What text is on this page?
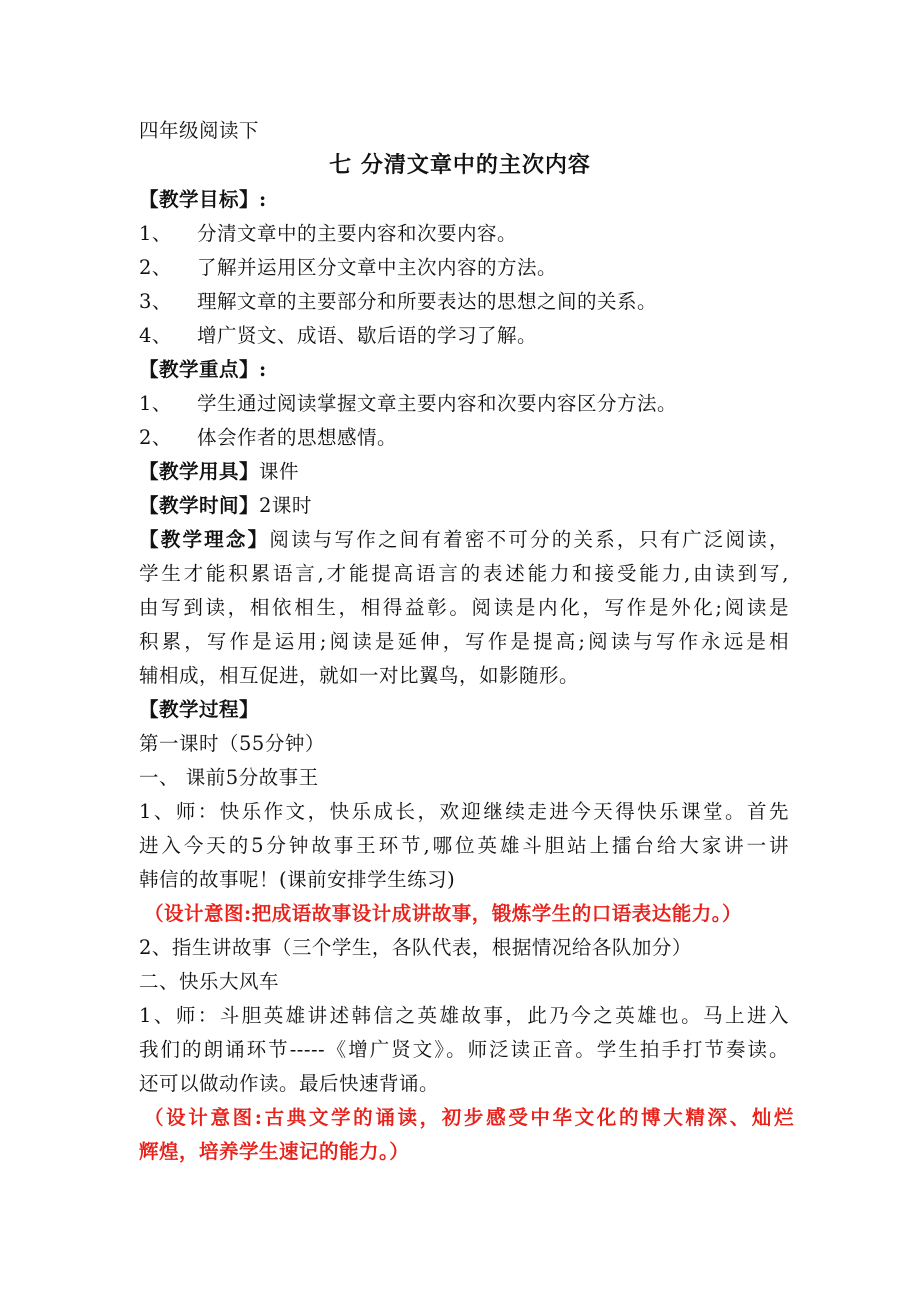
四年级阅读下
七 分清文章中的主次内容
【教学目标】:
1、 分清文章中的主要内容和次要内容。
2、 了解并运用区分文章中主次内容的方法。
3、 理解文章的主要部分和所要表达的思想之间的关系。
4、 增广贤文、成语、歇后语的学习了解。
【教学重点】:
1、 学生通过阅读掌握文章主要内容和次要内容区分方法。
2、 体会作者的思想感情。
【教学用具】课件
【教学时间】2课时
【教学理念】阅读与写作之间有着密不可分的关系，只有广泛阅读，
学生才能积累语言,才能提高语言的表述能力和接受能力,由读到写,
由写到读，相依相生，相得益彰。阅读是内化，写作是外化;阅读是
积累，写作是运用;阅读是延伸，写作是提高;阅读与写作永远是相
辅相成，相互促进，就如一对比翼鸟，如影随形。
【教学过程】
第一课时（55分钟）
一、 课前5分故事王
1、师：快乐作文，快乐成长，欢迎继续走进今天得快乐课堂。首先
进入今天的5分钟故事王环节,哪位英雄斗胆站上擂台给大家讲一讲
韩信的故事呢！(课前安排学生练习)
（设计意图:把成语故事设计成讲故事，锻炼学生的口语表达能力。）
2、指生讲故事（三个学生，各队代表，根据情况给各队加分）
二、快乐大风车
1、师：斗胆英雄讲述韩信之英雄故事，此乃今之英雄也。马上进入
我们的朗诵环节-----《增广贤文》。师泛读正音。学生拍手打节奏读。
还可以做动作读。最后快速背诵。
（设计意图:古典文学的诵读，初步感受中华文化的博大精深、灿烂
辉煌，培养学生速记的能力。）
